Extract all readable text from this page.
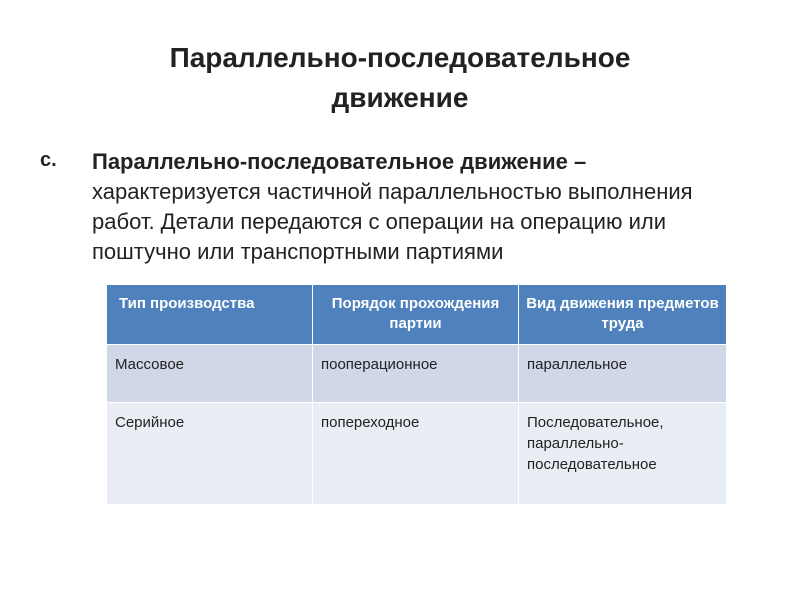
Параллельно-последовательное
движение
с. Параллельно-последовательное движение – характеризуется частичной параллельностью выполнения работ. Детали передаются с операции на операцию или поштучно или транспортными партиями
Тип производства	Порядок прохождения партии	Вид движения предметов труда
Массовое	пооперационное	параллельное
Серийное	попереходное	Последовательное, параллельно-последовательное
